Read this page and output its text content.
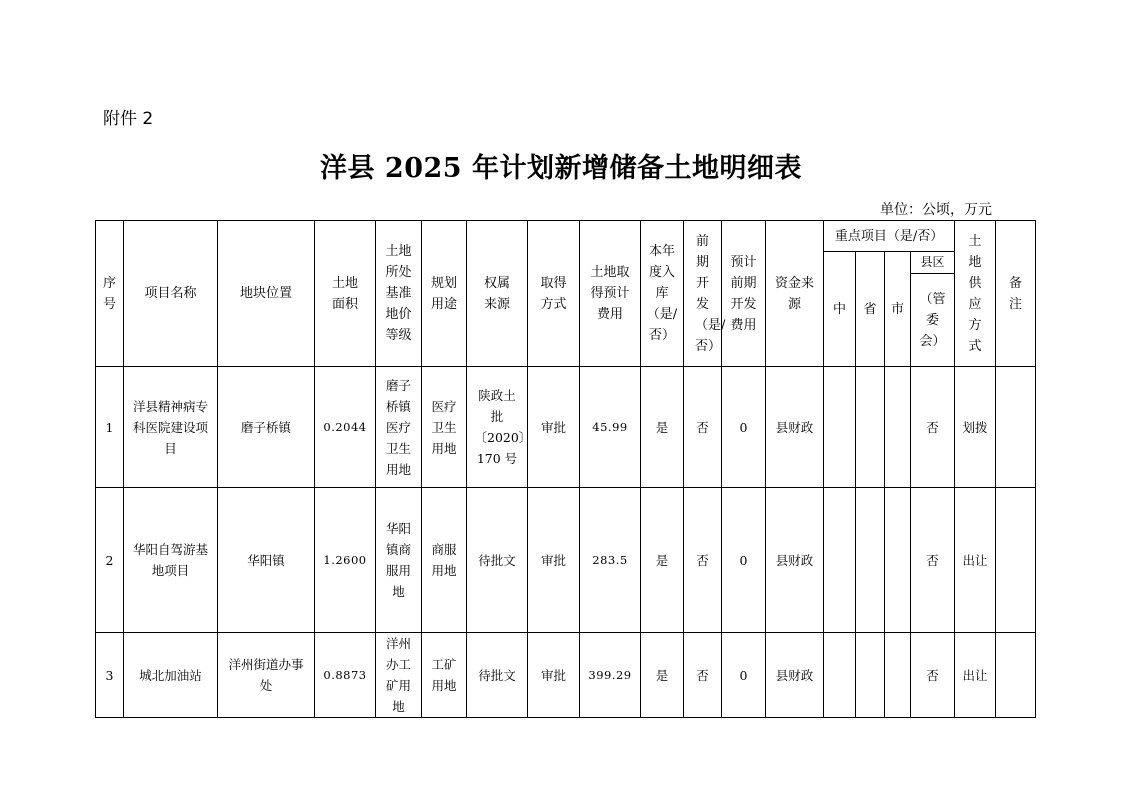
附件 2
洋县 2025 年计划新增储备土地明细表
单位：公顷，万元
序号	项目名称	地块位置	土地面积	土地所处基准地价等级	规划用途	权属来源	取得方式	土地取得预计费用	本年度入库（是/否）	前期开发（是/否）	预计前期开发费用	资金来源	重点项目（是/否）				土地供应方式	备注
													中	省	市	县区		
																（管委会）		
1	洋县精神病专科医院建设项目	磨子桥镇	0.2044	磨子桥镇医疗卫生用地	医疗卫生用地	陕政土批〔2020〕170 号	审批	45.99	是	否	0	县财政				否	划拨	
2	华阳自驾游基地项目	华阳镇	1.2600	华阳镇商服用地	商服用地	待批文	审批	283.5	是	否	0	县财政				否	出让	
3	城北加油站	洋州街道办事处	0.8873	洋州办工矿用地	工矿用地	待批文	审批	399.29	是	否	0	县财政				否	出让	
